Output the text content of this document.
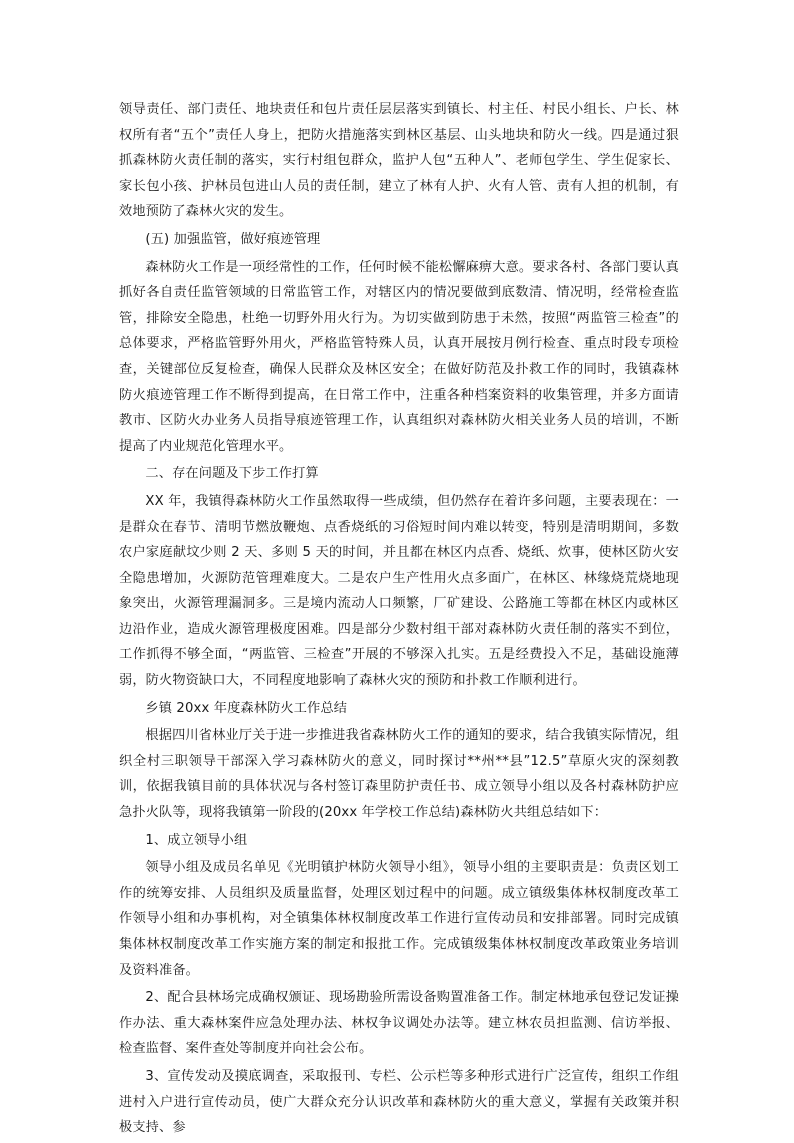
领导责任、部门责任、地块责任和包片责任层层落实到镇长、村主任、村民小组长、户长、林权所有者“五个”责任人身上，把防火措施落实到林区基层、山头地块和防火一线。四是通过狠抓森林防火责任制的落实，实行村组包群众，监护人包“五种人”、老师包学生、学生促家长、家长包小孩、护林员包进山人员的责任制，建立了林有人护、火有人管、责有人担的机制，有效地预防了森林火灾的发生。

(五) 加强监管，做好痕迹管理

森林防火工作是一项经常性的工作，任何时候不能松懈麻痹大意。要求各村、各部门要认真抓好各自责任监管领域的日常监管工作，对辖区内的情况要做到底数清、情况明，经常检查监管，排除安全隐患，杜绝一切野外用火行为。为切实做到防患于未然，按照“两监管三检查”的总体要求，严格监管野外用火，严格监管特殊人员，认真开展按月例行检查、重点时段专项检查，关键部位反复检查，确保人民群众及林区安全；在做好防范及扑救工作的同时，我镇森林防火痕迹管理工作不断得到提高，在日常工作中，注重各种档案资料的收集管理，并多方面请教市、区防火办业务人员指导痕迹管理工作，认真组织对森林防火相关业务人员的培训，不断提高了内业规范化管理水平。

二、存在问题及下步工作打算

XX 年，我镇得森林防火工作虽然取得一些成绩，但仍然存在着许多问题，主要表现在：一是群众在春节、清明节燃放鞭炮、点香烧纸的习俗短时间内难以转变，特别是清明期间，多数农户家庭献坟少则 2 天、多则 5 天的时间，并且都在林区内点香、烧纸、炊事，使林区防火安全隐患增加，火源防范管理难度大。二是农户生产性用火点多面广，在林区、林缘烧荒烧地现象突出，火源管理漏洞多。三是境内流动人口频繁，厂矿建设、公路施工等都在林区内或林区边沿作业，造成火源管理极度困难。四是部分少数村组干部对森林防火责任制的落实不到位，工作抓得不够全面，“两监管、三检查”开展的不够深入扎实。五是经费投入不足，基础设施薄弱，防火物资缺口大，不同程度地影响了森林火灾的预防和扑救工作顺利进行。

乡镇 20xx 年度森林防火工作总结

根据四川省林业厅关于进一步推进我省森林防火工作的通知的要求，结合我镇实际情况，组织全村三职领导干部深入学习森林防火的意义，同时探讨**州**县”12.5”草原火灾的深刻教训，依据我镇目前的具体状况与各村签订森里防护责任书、成立领导小组以及各村森林防护应急扑火队等，现将我镇第一阶段的(20xx 年学校工作总结)森林防火共组总结如下：

1、成立领导小组

领导小组及成员名单见《光明镇护林防火领导小组》，领导小组的主要职责是：负责区划工作的统筹安排、人员组织及质量监督，处理区划过程中的问题。成立镇级集体林权制度改革工作领导小组和办事机构，对全镇集体林权制度改革工作进行宣传动员和安排部署。同时完成镇集体林权制度改革工作实施方案的制定和报批工作。完成镇级集体林权制度改革政策业务培训及资料准备。

2、配合县林场完成确权颁证、现场勘验所需设备购置准备工作。制定林地承包登记发证操作办法、重大森林案件应急处理办法、林权争议调处办法等。建立林农员担监测、信访举报、检查监督、案件查处等制度并向社会公布。

3、宣传发动及摸底调查，采取报刊、专栏、公示栏等多种形式进行广泛宣传，组织工作组进村入户进行宣传动员，使广大群众充分认识改革和森林防火的重大意义，掌握有关政策并积极支持、参
